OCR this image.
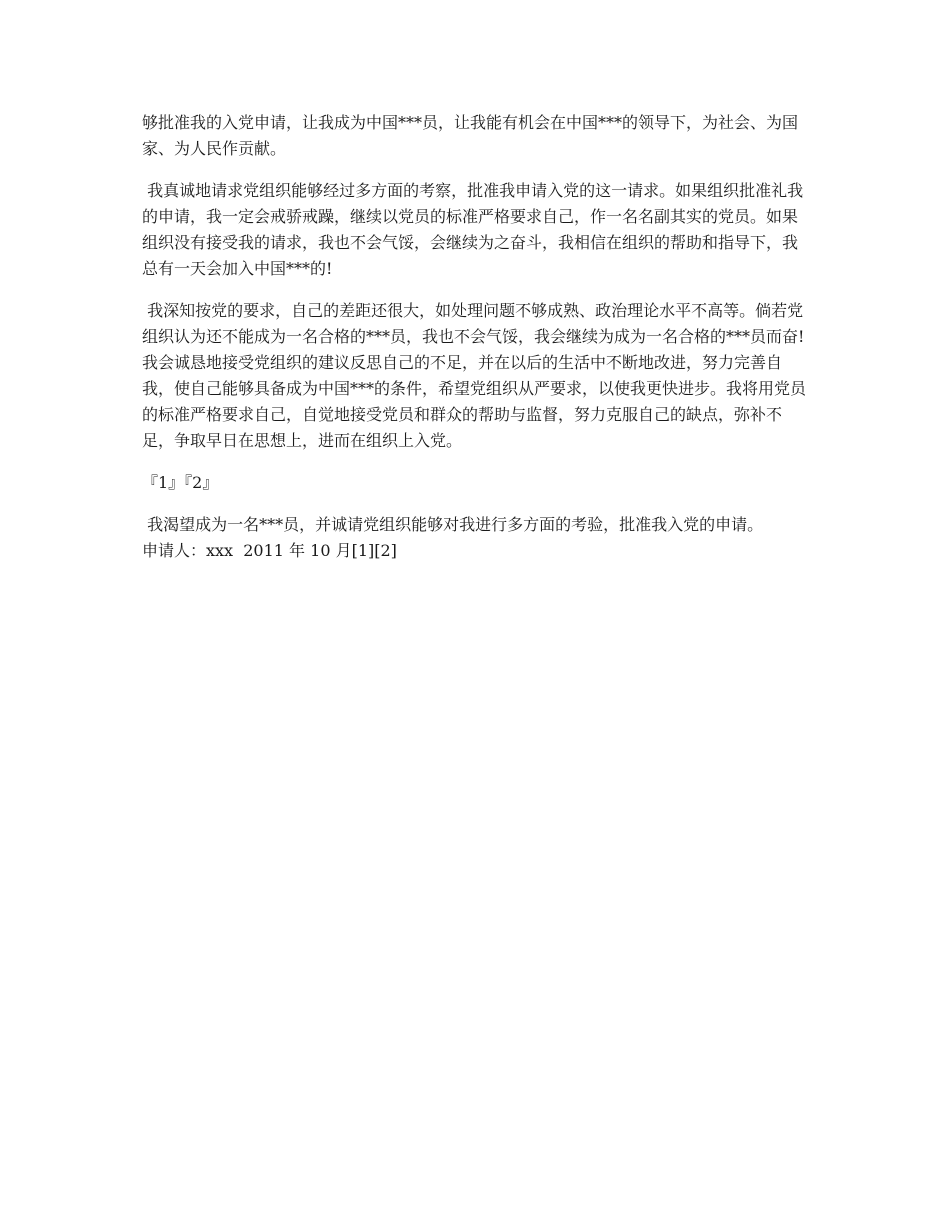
够批准我的入党申请，让我成为中国***员，让我能有机会在中国***的领导下，为社会、为国家、为人民作贡献。

我真诚地请求党组织能够经过多方面的考察，批准我申请入党的这一请求。如果组织批准礼我的申请，我一定会戒骄戒躁，继续以党员的标准严格要求自己，作一名名副其实的党员。如果组织没有接受我的请求，我也不会气馁，会继续为之奋斗，我相信在组织的帮助和指导下，我总有一天会加入中国***的!

我深知按党的要求，自己的差距还很大，如处理问题不够成熟、政治理论水平不高等。倘若党组织认为还不能成为一名合格的***员，我也不会气馁，我会继续为成为一名合格的***员而奋!我会诚恳地接受党组织的建议反思自己的不足，并在以后的生活中不断地改进，努力完善自我，使自己能够具备成为中国***的条件，希望党组织从严要求，以使我更快进步。我将用党员的标准严格要求自己，自觉地接受党员和群众的帮助与监督，努力克服自己的缺点，弥补不足，争取早日在思想上，进而在组织上入党。

『1』『2』

我渴望成为一名***员，并诚请党组织能够对我进行多方面的考验，批准我入党的申请。

申请人：xxx  2011 年 10 月[1][2]
